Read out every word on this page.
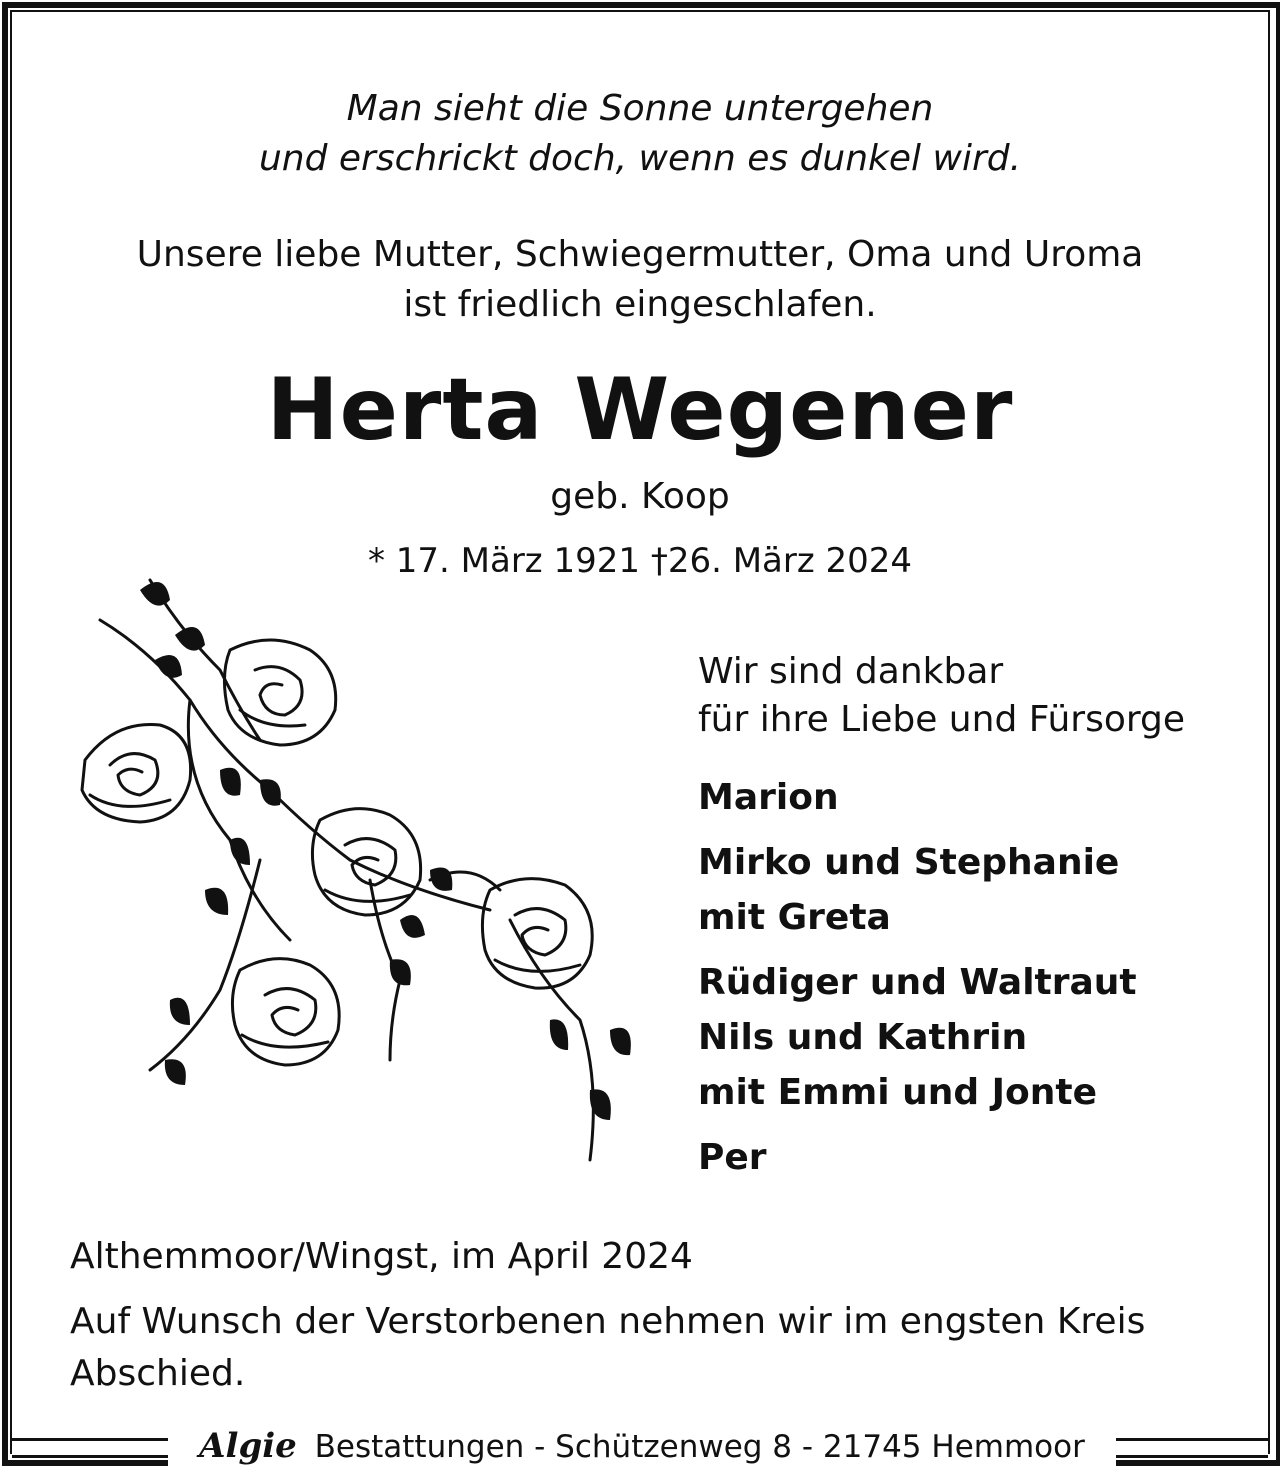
Man sieht die Sonne untergehen
und erschrickt doch, wenn es dunkel wird.
Unsere liebe Mutter, Schwiegermutter, Oma und Uroma
ist friedlich eingeschlafen.
Herta Wegener
geb. Koop
* 17. März 1921 †26. März 2024
Wir sind dankbar
für ihre Liebe und Fürsorge
Marion
Mirko und Stephanie
mit Greta
Rüdiger und Waltraut
Nils und Kathrin
mit Emmi und Jonte
Per
Althemmoor/Wingst, im April 2024
Auf Wunsch der Verstorbenen nehmen wir im engsten Kreis Abschied.
Algie Bestattungen - Schützenweg 8 - 21745 Hemmoor
